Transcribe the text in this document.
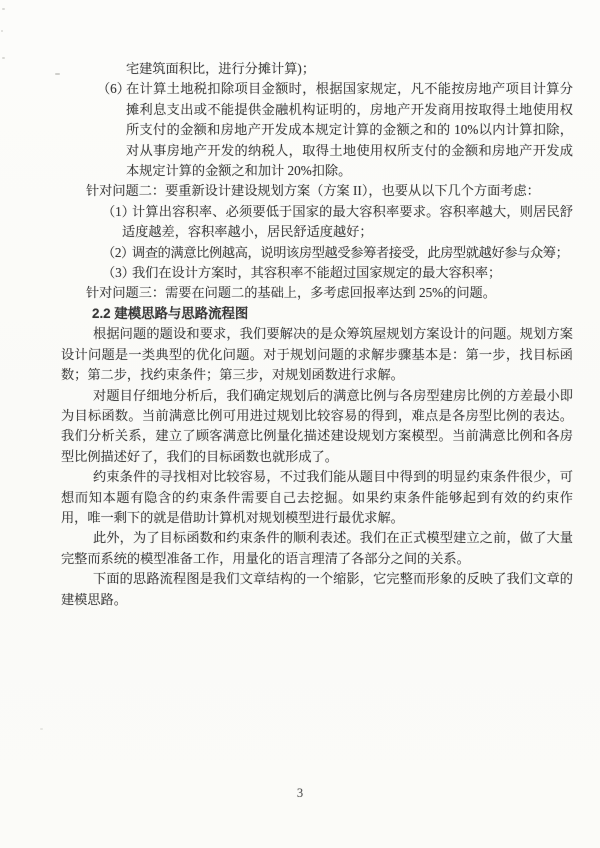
宅建筑面积比，进行分摊计算)；
（6）
在计算土地税扣除项目金额时，根据国家规定，凡不能按房地产项目计算分摊利息支出或不能提供金融机构证明的，房地产开发商用按取得土地使用权所支付的金额和房地产开发成本规定计算的金额之和的 10%以内计算扣除，对从事房地产开发的纳税人，取得土地使用权所支付的金额和房地产开发成本规定计算的金额之和加计 20%扣除。
针对问题二：要重新设计建设规划方案（方案 II），也要从以下几个方面考虑：
（1）
计算出容积率、必须要低于国家的最大容积率要求。容积率越大，则居民舒适度越差，容积率越小，居民舒适度越好；
（2）
调查的满意比例越高，说明该房型越受参筹者接受，此房型就越好参与众筹；
（3）
我们在设计方案时，其容积率不能超过国家规定的最大容积率；
针对问题三：需要在问题二的基础上，多考虑回报率达到 25%的问题。
2.2 建模思路与思路流程图
根据问题的题设和要求，我们要解决的是众筹筑屋规划方案设计的问题。规划方案设计问题是一类典型的优化问题。对于规划问题的求解步骤基本是：第一步，找目标函数；第二步，找约束条件；第三步，对规划函数进行求解。
对题目仔细地分析后，我们确定规划后的满意比例与各房型建房比例的方差最小即为目标函数。当前满意比例可用进过规划比较容易的得到，难点是各房型比例的表达。我们分析关系，建立了顾客满意比例量化描述建设规划方案模型。当前满意比例和各房型比例描述好了，我们的目标函数也就形成了。
约束条件的寻找相对比较容易，不过我们能从题目中得到的明显约束条件很少，可想而知本题有隐含的约束条件需要自己去挖掘。如果约束条件能够起到有效的约束作用，唯一剩下的就是借助计算机对规划模型进行最优求解。
此外，为了目标函数和约束条件的顺利表述。我们在正式模型建立之前，做了大量完整而系统的模型准备工作，用量化的语言理清了各部分之间的关系。
下面的思路流程图是我们文章结构的一个缩影，它完整而形象的反映了我们文章的建模思路。
3
